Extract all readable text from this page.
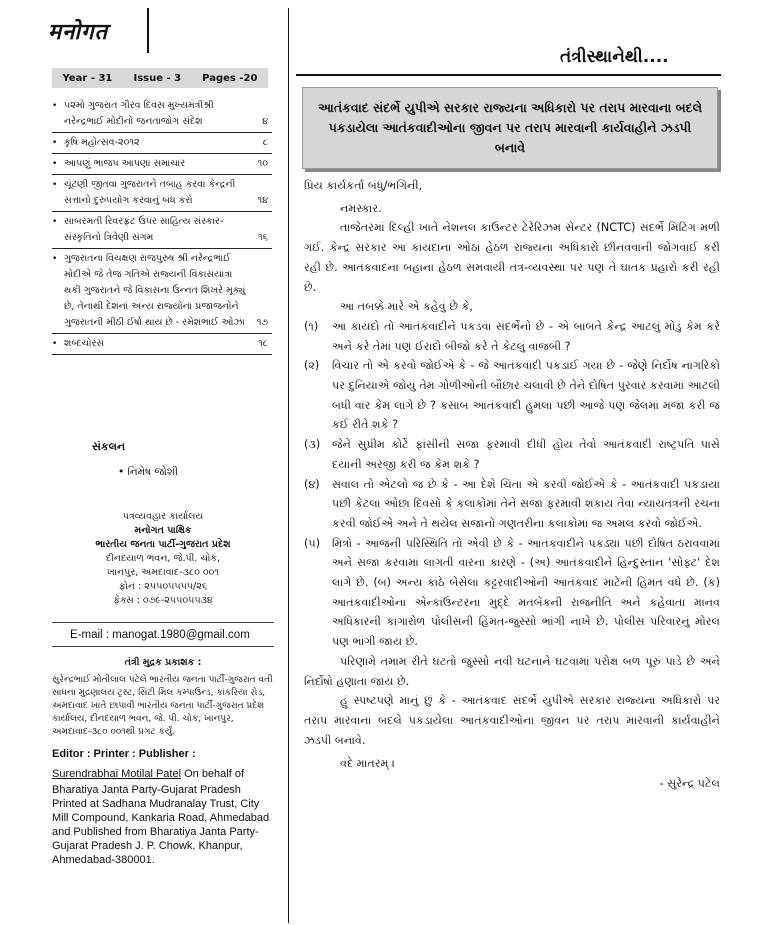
मनोगत
Year - 31 Issue - 3 Pages -20
• ૫૨મો ગુજરાત ગૌરવ દિવસ મુખ્યમંત્રીશ્રી નરેન્દ્રભાઈ મોદીનો જનતાજોગ સંદેશ	૪
• કૃષિ મહોત્સવ-૨૦૧૨	૮
• આપણું ભાજપ આપણા સમાચાર	૧૦
• ચૂંટણી જીતવા ગુજરાતને તબાહ કરવા કેન્દ્રની સત્તાનો દુરુપયોગ કરવાનું બંધ કરો	૧૪
• સાબરમતી રિવરફ્રંટ ઉપર સાહિત્ય સંસ્કાર-સંસ્કૃતિનો ત્રિવેણી સંગમ	૧૬
• ગુજરાતના વિચક્ષણ રાજપુરુષ શ્રી નરેન્દ્રભાઈ મોદીએ જે તેજ ગતિએ રાજ્યની વિકાસયાત્રા થકી ગુજરાતને જે વિકાસના ઉન્નત શિખરે મૂક્યું છે, તેનાથી દેશનાં અન્ય રાજ્યોના પ્રજાજનોને ગુજરાતની મીઠી ઈર્ષા થાય છે - રમેશભાઈ ઓઝા ૧૭
• શબ્દચોરસ	૧૮
સંકલન
• નિમેષ જોશી
પત્રવ્યવહાર કાર્યાલય
મનોગત પાક્ષિક
ભારતીય જનતા પાર્ટી-ગુજરાત પ્રદેશ
દીનદયાળ ભવન, જે.પી. ચોક,
ખાનપુર, અમદાવાદ-૩૮૦ ૦૦૧
ફોન : ૨૫૫૦૫૫૫૫/૨૬
ફેક્સ : ૦૭૯-૨૫૫૦૫૫૩૪
E-mail : manogat.1980@gmail.com
તંત્રી મુદ્રક પ્રકાશક :
સુરેન્દ્રભાઈ મોતીલાલ પટેલે ભારતીય જનતા પાર્ટી-ગુજરાત વતી સાધના મુદ્રણાલય ટ્રસ્ટ, સિટી મિલ કમ્પાઉન્ડ, કાંકરિયા રોડ, અમદાવાદ ખાતે છાપાવી ભારતીય જનતા પાર્ટી-ગુજરાત પ્રદેશ કાર્યાલય, દીનદયાળ ભવન, જે. પી. ચોક, ખાનપુર, અમદાવાદ-૩૮૦ ૦૦૧થી પ્રગટ કર્યું.
Editor : Printer : Publisher :
Surendrabhai Motilal Patel On behalf of
Bharatiya Janta Party-Gujarat Pradesh Printed at Sadhana Mudranalay Trust, City Mill Compound, Kankaria Road, Ahmedabad and Published from Bharatiya Janta Party-Gujarat Pradesh J. P. Chowk, Khanpur, Ahmedabad-380001.
તંત્રીસ્થાનેથી....
આતંકવાદ સંદર્ભે યુપીએ સરકાર રાજ્યના અધિકારો પર તરાપ મારવાના બદલે પકડાયેલા આતંકવાદીઓના જીવન પર તરાપ મારવાની કાર્યવાહીને ઝડપી બનાવે

પ્રિય કાર્યકર્તા બંધુ/ભગિની,

નમસ્કાર.

તાજેતરમાં દિલ્હી ખાતે નેશનલ કાઉન્ટર ટેરેરિઝમ સેન્ટર (NCTC) સંદર્ભે મિટિંગ મળી ગઈ. કેન્દ્ર સરકાર આ કાયદાના ઓઠા હેઠળ રાજ્યના અધિકારો છીનવવાની જોગવાઈ કરી રહી છે. આતંકવાદના બહાના હેઠળ સમવાયી તંત્ર-વ્યવસ્થા પર પણ તે ઘાતક પ્રહારો કરી રહી છે.

આ તબક્કે મારે એ કહેવું છે કે,

(૧)	આ કાયદો તો આતંકવાદીને પકડવા સંદર્ભેનો છે - એ બાબતે કેન્દ્ર આટલું મોડું કેમ કરે અને કરે તેમાં પણ ઈરાદો બીજો કરે તે કેટલું વાજબી ?
(૨)	વિચાર તો એ કરવો જોઈએ કે - જે આતંકવાદી પકડાઈ ગયા છે - જેણે નિર્દોષ નાગરિકો પર દુનિયાએ જોયું તેમ ગોળીઓની બૌછાર ચલાવી છે તેને દોષિત પુરવાર કરવામાં આટલી બધી વાર કેમ લાગે છે ? કસાબ આતંકવાદી હુમલા પછી આજે પણ જેલમાં મજા કરી જ કઈ રીતે શકે ?
(૩)	જેને સુપ્રીમ કોર્ટે ફાંસીની સજા ફરમાવી દીધી હોય તેવો આતંકવાદી રાષ્ટ્રપતિ પાસે દયાની અરજી કરી જ કેમ શકે ?
(૪)	સવાલ તો એટલો જ છે કે - આ દેશે ચિંતા એ કરવી જોઈએ કે - આતંકવાદી પકડાયા પછી કેટલા ઓછા દિવસો કે કલાકોમાં તેને સજા ફરમાવી શકાય તેવા ન્યાયતંત્રની રચના કરવી જોઈએ અને તે થયેલ સજાનો ગણતરીના કલાકોમાં જ અમલ કરવો જોઈએ.
(૫)	મિત્રો - આજની પરિસ્થિતિ તો એવી છે કે - આતંકવાદીને પકડ્યા પછી દોષિત ઠરાવવામાં અને સજા કરવામાં લાગતી વારના કારણે - (અ) આતંકવાદીને હિન્દુસ્તાન 'સોફ્ટ' દેશ લાગે છે. (બ) અન્ય કાંઠે બેસેલા કટ્ટરવાદીઓની આતંકવાદ માટેની હિંમત વધે છે. (ક) આતંકવાદીઓના એન્કાઉન્ટરના મુદ્દે મતબેંકની રાજનીતિ અને કહેવાતા માનવ અધિકારની કાગારોળ પોલીસની હિંમત-જુસ્સો ભાંગી નાખે છે. પોલીસ પરિવારનું મોરલ પણ ભાંગી જાય છે.

પરિણામે તમામ રીતે ઘટતો જુસ્સો નવી ઘટનાને ઘટવામાં પરોક્ષ બળ પૂરું પાડે છે અને નિર્દોષો હણાતા જાય છે.

હું સ્પષ્ટપણે માનું છું કે - આતંકવાદ સંદર્ભે યુપીએ સરકાર રાજ્યના અધિકારો પર તરાપ મારવાના બદલે પકડાયેલા આતંકવાદીઓના જીવન પર તરાપ મારવાની કાર્યવાહીને ઝડપી બનાવે.

વંદે માતરમ્ ।

- સુરેન્દ્ર પટેલ
